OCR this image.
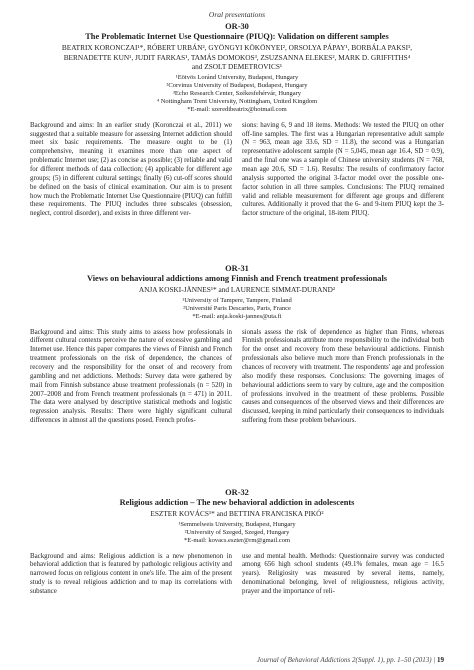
Oral presentations
OR-30
The Problematic Internet Use Questionnaire (PIUQ): Validation on different samples
BEATRIX KORONCZAI¹*, RÓBERT URBÁN², GYÖNGYI KÖKÖNYEI², ORSOLYA PÁPAY¹, BORBÁLA PAKSI³,
BERNADETTE KUN¹, JUDIT FARKAS¹, TAMÁS DOMOKOS³, ZSUZSANNA ELEKES², MARK D. GRIFFITHS⁴
and ZSOLT DEMETROVICS¹
¹Eötvös Loránd University, Budapest, Hungary
²Corvinus University of Budapest, Budapest, Hungary
³Echo Research Center, Székesfehérvár, Hungary
⁴ Nottingham Trent University, Nottingham, United Kingdom
*E-mail: szeredibeatrix@hotmail.com

Background and aims: In an earlier study (Koronczai et al., 2011) we suggested that a suitable measure for assessing Internet addiction should meet six basic requirements. The measure ought to be (1) comprehensive, meaning it examines more than one aspect of problematic Internet use; (2) as concise as possible; (3) reliable and valid for different methods of data collection; (4) applicable for different age groups; (5) in different cultural settings; finally (6) cut-off scores should be defined on the basis of clinical examination. Our aim is to present how much the Problematic Internet Use Questionnaire (PIUQ) can fulfill these requirements. The PIUQ includes three subscales (obsession, neglect, control disorder), and exists in three different ver-

sions: having 6, 9 and 18 items. Methods: We tested the PIUQ on other off-line samples. The first was a Hungarian representative adult sample (N = 963, mean age 33.6, SD = 11.8), the second was a Hungarian representative adolescent sample (N = 5,045, mean age 16.4, SD = 0.9), and the final one was a sample of Chinese university students (N = 768, mean age 20.6, SD = 1.6). Results: The results of confirmatory factor analysis supported the original 3-factor model over the possible one-factor solution in all three samples. Conclusions: The PIUQ remained valid and reliable measurement for different age groups and different cultures. Additionally it proved that the 6- and 9-item PIUQ kept the 3-factor structure of the original, 18-item PIUQ.

OR-31
Views on behavioural addictions among Finnish and French treatment professionals
ANJA KOSKI-JÄNNES¹* and LAURENCE SIMMAT-DURAND²
¹University of Tampere, Tampere, Finland
²Université Paris Descartes, Paris, France
*E-mail: anja.koski-jannes@uta.fi

Background and aims: This study aims to assess how professionals in different cultural contexts perceive the nature of excessive gambling and Internet use. Hence this paper compares the views of Finnish and French treatment professionals on the risk of dependence, the chances of recovery and the responsibility for the onset of and recovery from gambling and net addictions. Methods: Survey data were gathered by mail from Finnish substance abuse treatment professionals (n = 520) in 2007–2008 and from French treatment professionals (n = 471) in 2011. The data were analysed by descriptive statistical methods and logistic regression analysis. Results: There were highly significant cultural differences in almost all the questions posed. French profes-

sionals assess the risk of dependence as higher than Finns, whereas Finnish professionals attribute more responsibility to the individual both for the onset and recovery from these behavioural addictions. Finnish professionals also believe much more than French professionals in the chances of recovery with treatment. The respondents' age and profession also modify these responses. Conclusions: The governing images of behavioural addictions seem to vary by culture, age and the composition of professions involved in the treatment of these problems. Possible causes and consequences of the observed views and their differences are discussed, keeping in mind particularly their consequences to individuals suffering from these problem behaviours.

OR-32
Religious addiction – The new behavioral addiction in adolescents
ESZTER KOVÁCS¹* and BETTINA FRANCISKA PIKÓ²
¹Semmelweis University, Budapest, Hungary
²University of Szeged, Szeged, Hungary
*E-mail: kovacs.eszter@rm@gmail.com

Background and aims: Religious addiction is a new phenomenon in behavioral addiction that is featured by pathologic religious activity and narrowed focus on religious content in one's life. The aim of the present study is to reveal religious addiction and to map its correlations with substance

use and mental health. Methods: Questionnaire survey was conducted among 656 high school students (49.1% females, mean age = 16.5 years). Religiosity was measured by several items, namely, denominational belonging, level of religiousness, religious activity, prayer and the importance of reli-

Journal of Behavioral Addictions 2(Suppl. 1), pp. 1–50 (2013) | 19
